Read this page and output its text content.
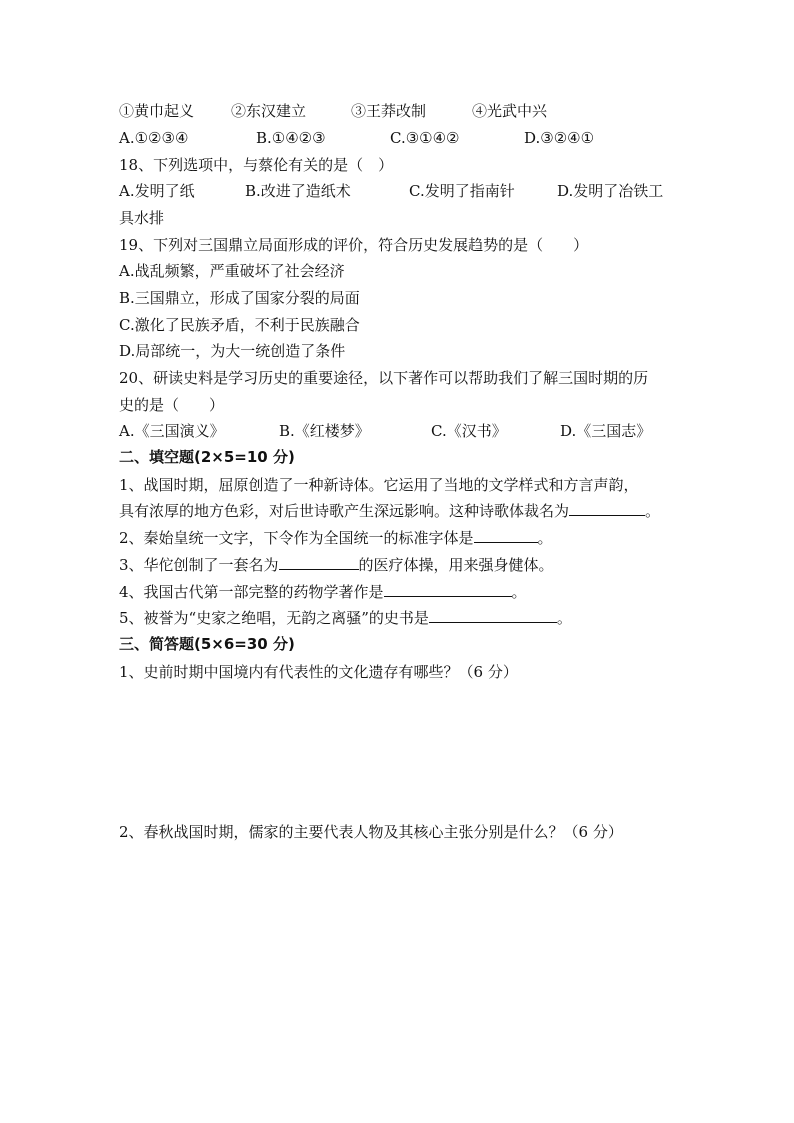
①黄巾起义 ②东汉建立	③王莽改制	④光武中兴
A.①②③④	B.①④②③	C.③①④②	D.③②④①
18、下列选项中，与蔡伦有关的是（　）
A.发明了纸	B.改进了造纸术	C.发明了指南针	D.发明了冶铁工
具水排
19、下列对三国鼎立局面形成的评价，符合历史发展趋势的是（　　）
A.战乱频繁，严重破坏了社会经济
B.三国鼎立，形成了国家分裂的局面
C.激化了民族矛盾，不利于民族融合
D.局部统一，为大一统创造了条件
20、研读史料是学习历史的重要途径，以下著作可以帮助我们了解三国时期的历
史的是（　　）
A.《三国演义》	B.《红楼梦》	C.《汉书》	D.《三国志》
二、填空题(2×5=10 分)
1、战国时期，屈原创造了一种新诗体。它运用了当地的文学样式和方言声韵，
具有浓厚的地方色彩，对后世诗歌产生深远影响。这种诗歌体裁名为	。
2、秦始皇统一文字，下令作为全国统一的标准字体是	。
3、华佗创制了一套名为	的医疗体操，用来强身健体。
4、我国古代第一部完整的药物学著作是	。
5、被誉为“史家之绝唱，无韵之离骚”的史书是	。
三、简答题(5×6=30 分)
1、史前时期中国境内有代表性的文化遗存有哪些？（6 分）
2、春秋战国时期，儒家的主要代表人物及其核心主张分别是什么？（6 分）
